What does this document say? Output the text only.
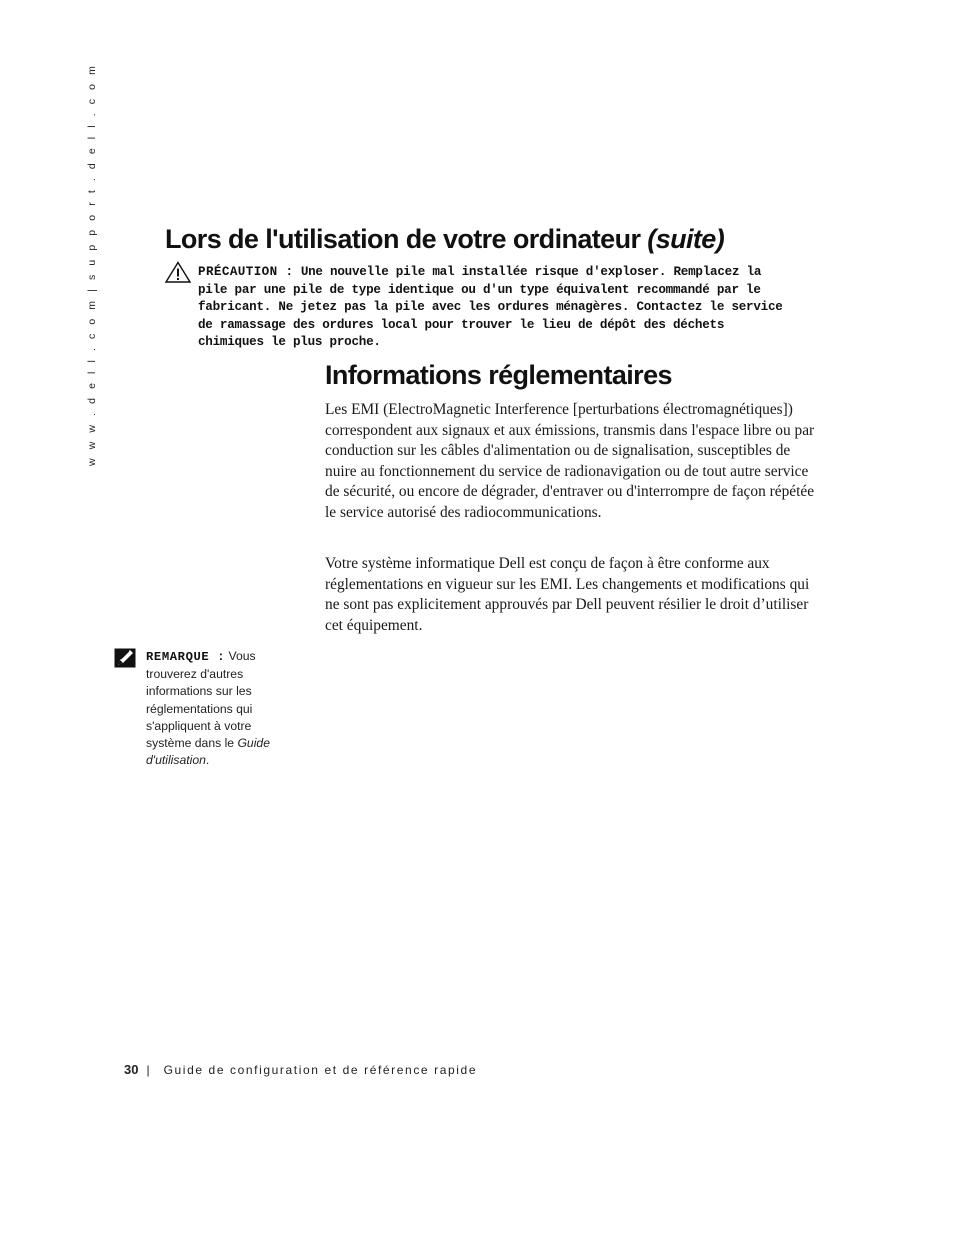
w w w . d e l l . c o m | s u p p o r t . d e l l . c o m Lors de l'utilisation de votre ordinateur (suite)
PRÉCAUTION : Une nouvelle pile mal installée risque d'exploser. Remplacez la pile par une pile de type identique ou d'un type équivalent recommandé par le fabricant. Ne jetez pas la pile avec les ordures ménagères. Contactez le service de ramassage des ordures local pour trouver le lieu de dépôt des déchets chimiques le plus proche.
Informations réglementaires

Les EMI (ElectroMagnetic Interference [perturbations électromagnétiques]) correspondent aux signaux et aux émissions, transmis dans l'espace libre ou par conduction sur les câbles d'alimentation ou de signalisation, susceptibles de nuire au fonctionnement du service de radionavigation ou de tout autre service de sécurité, ou encore de dégrader, d'entraver ou d'interrompre de façon répétée le service autorisé des radiocommunications.

Votre système informatique Dell est conçu de façon à être conforme aux réglementations en vigueur sur les EMI. Les changements et modifications qui ne sont pas explicitement approuvés par Dell peuvent résilier le droit d’utiliser cet équipement.

REMARQUE : Vous trouverez d'autres informations sur les réglementations qui s'appliquent à votre système dans le Guide d'utilisation.
30 | Guide de configuration et de référence rapide
